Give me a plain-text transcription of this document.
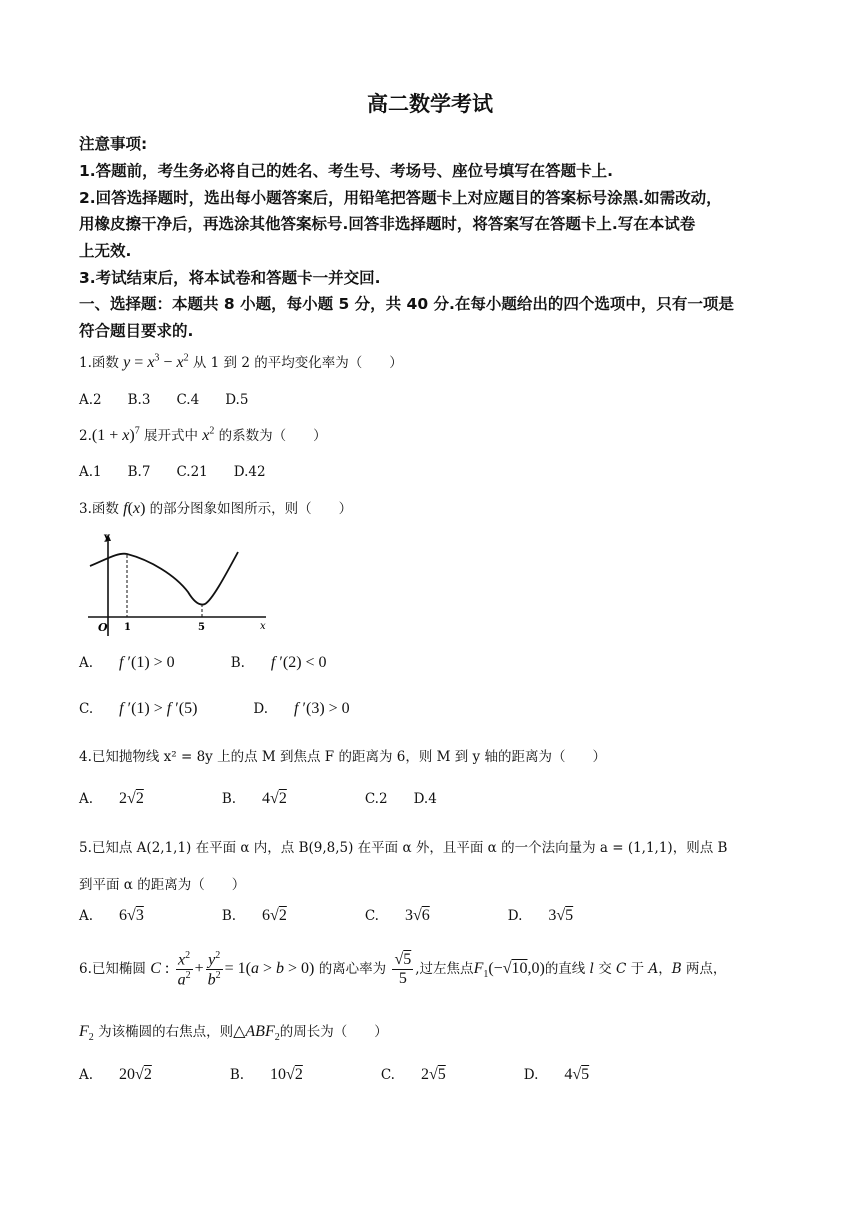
高二数学考试
注意事项:
1.答题前，考生务必将自己的姓名、考生号、考场号、座位号填写在答题卡上.
2.回答选择题时，选出每小题答案后，用铅笔把答题卡上对应题目的答案标号涂黑.如需改动，
用橡皮擦干净后，再选涂其他答案标号.回答非选择题时，将答案写在答题卡上.写在本试卷
上无效.
3.考试结束后，将本试卷和答题卡一并交回.
一、选择题：本题共 8 小题，每小题 5 分，共 40 分.在每小题给出的四个选项中，只有一项是
符合题目要求的.
1.函数 $y = x^3 - x^2$ 从 1 到 2 的平均变化率为（　　）
A.2 B.3 C.4 D.5
$2.(1 + x)^7$ 展开式中 $x^2$ 的系数为（　　）
A.1 B.7 C.21 D.42
3.函数 f(x) 的部分图象如图所示，则（　　）
y
x
O 1	5
A. f ′(1) > 0	B. f ′(2) < 0
C. f ′(1) > f ′(5)	D. f ′(3) > 0
4.已知抛物线 x² = 8y 上的点 M 到焦点 F 的距离为 6，则 M 到 y 轴的距离为（　　）
A. 2√2	B. 4√2	C.2 D.4
5.已知点 A(2,1,1) 在平面 α 内，点 B(9,8,5) 在平面 α 外，且平面 α 的一个法向量为 a = (1,1,1)，则点 B
到平面 α 的距离为（　　）
A. 6√3	B. 6√2	C. 3√6	D. 3√5
6.已知椭圆 C : $\frac{x^2}{a^2} + \frac{y^2}{b^2} = 1(a > b > 0)$ 的离心率为 $\frac{√5}{5}$ ,过左焦点$F_1(-√10,0)$的直线 l 交 C 于 A，B 两点，
$F_2$ 为该椭圆的右焦点，则$\triangle ABF_2$的周长为（　　）
A. 20√2	B. 10√2	C. 2√5	D. 4√5
